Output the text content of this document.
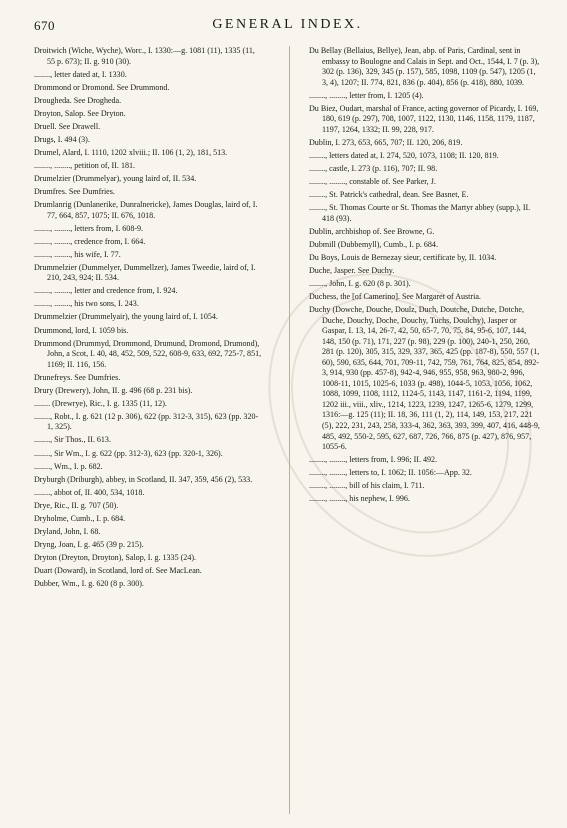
670	GENERAL INDEX.
Droitwich (Wiche, Wyche), Worc., I. 1330:—g. 1081 (11), 1335 (11, 55 p. 673); II. g. 910 (30).
........, letter dated at, I. 1330.
Drommond or Dromond. See Drummond.
Drougheda. See Drogheda.
Droyton, Salop. See Dryton.
Druell. See Drawell.
Drugs, I. 494 (3).
Drumel, Alard, I. 1110, 1202 xlviii.; II. 106 (1, 2), 181, 513.
........, ........, petition of, II. 181.
Drumelzier (Drummelyar), young laird of, II. 534.
Drumfres. See Dumfries.
Drumlanrig (Dunlanerike, Dunralnericke), James Douglas, laird of, I. 77, 664, 857, 1075; II. 676, 1018.
........, ........, letters from, I. 608-9.
........, ........, credence from, I. 664.
........, ........, his wife, I. 77.
Drummelzier (Dummelyer, Dummellzer), James Tweedie, laird of, I. 210, 243, 924; II. 534.
........, ........, letter and credence from, I. 924.
........, ........, his two sons, I. 243.
Drummelzier (Drummelyair), the young laird of, I. 1054.
Drummond, lord, I. 1059 bis.
Drummond (Drummyd, Drommond, Drumund, Dromond, Drumond), John, a Scot, I. 40, 48, 452, 509, 522, 608-9, 633, 692, 725-7, 851, 1169; II. 116, 156.
Drunefreys. See Dumfries.
Drury (Drewery), John, II. g. 496 (68 p. 231 bis).
........ (Drewrye), Ric., I. g. 1335 (11, 12).
........, Robt., I. g. 621 (12 p. 306), 622 (pp. 312-3, 315), 623 (pp. 320-1, 325).
........, Sir Thos., II. 613.
........, Sir Wm., I. g. 622 (pp. 312-3), 623 (pp. 320-1, 326).
........, Wm., I. p. 682.
Dryburgh (Driburgh), abbey, in Scotland, II. 347, 359, 456 (2), 533.
........, abbot of, II. 400, 534, 1018.
Drye, Ric., II. g. 707 (50).
Dryholme, Cumb., I. p. 684.
Dryland, John, I. 68.
Dryng, Joan, I. g. 465 (39 p. 215).
Dryton (Dreyton, Droyton), Salop, I. g. 1335 (24).
Duart (Doward), in Scotland, lord of. See MacLean.
Dubber, Wm., I. g. 620 (8 p. 300).
Du Bellay (Bellaius, Bellye), Jean, abp. of Paris, Cardinal, sent in embassy to Boulogne and Calais in Sept. and Oct., 1544, I. 7 (p. 3), 302 (p. 136), 329, 345 (p. 157), 585, 1098, 1109 (p. 547), 1205 (1, 3, 4), 1207; II. 774, 821, 836 (p. 404), 856 (p. 418), 880, 1039.
........, ........, letter from, I. 1205 (4).
Du Biez, Oudart, marshal of France, acting governor of Picardy, I. 169, 180, 619 (p. 297), 708, 1007, 1122, 1130, 1146, 1158, 1179, 1187, 1197, 1264, 1332; II. 99, 228, 917.
Dublin, I. 273, 653, 665, 707; II. 120, 206, 819.
........, letters dated at, I. 274, 520, 1073, 1108; II. 120, 819.
........, castle, I. 273 (p. 116), 707; II. 98.
........, ........, constable of. See Parker, J.
........, St. Patrick's cathedral, dean. See Basnet, E.
........, St. Thomas Courte or St. Thomas the Martyr abbey (supp.), II. 418 (93).
Dublin, archbishop of. See Browne, G.
Dubmill (Dubbemyll), Cumb., I. p. 684.
Du Boys, Louis de Bernezay sieur, certificate by, II. 1034.
Duche, Jasper. See Duchy.
........, John, I. g. 620 (8 p. 301).
Duchess, the [of Camerino]. See Margaret of Austria.
Duchy (Dowche, Douche, Doulz, Duch, Doutche, Dutche, Dotche, Duche, Douchy, Doche, Douchy, Tuchs, Doulchy), Jasper or Gaspar, I. 13, 14, 26-7, 42, 50, 65-7, 70, 75, 84, 95-6, 107, 144, 148, 150 (p. 71), 171, 227 (p. 98), 229 (p. 100), 240-1, 250, 260, 281 (p. 120), 305, 315, 329, 337, 365, 425 (pp. 187-8), 550, 557 (1, 60), 590, 635, 644, 701, 709-11, 742, 759, 761, 764, 825, 854, 892-3, 914, 930 (pp. 457-8), 942-4, 946, 955, 958, 963, 980-2, 996, 1008-11, 1015, 1025-6, 1033 (p. 498), 1044-5, 1053, 1056, 1062, 1088, 1099, 1108, 1112, 1124-5, 1143, 1147, 1161-2, 1194, 1199, 1202 iii., viii., xliv., 1214, 1223, 1239, 1247, 1265-6, 1279, 1299, 1316:—g. 125 (11); II. 18, 36, 111 (1, 2), 114, 149, 153, 217, 221 (5), 222, 231, 243, 258, 333-4, 362, 363, 393, 399, 407, 416, 448-9, 485, 492, 550-2, 595, 627, 687, 726, 766, 875 (p. 427), 876, 957, 1055-6.
........, ........, letters from, I. 996; II. 492.
........, ........, letters to, I. 1062; II. 1056:—App. 32.
........, ........, bill of his claim, I. 711.
........, ........, his nephew, I. 996.
